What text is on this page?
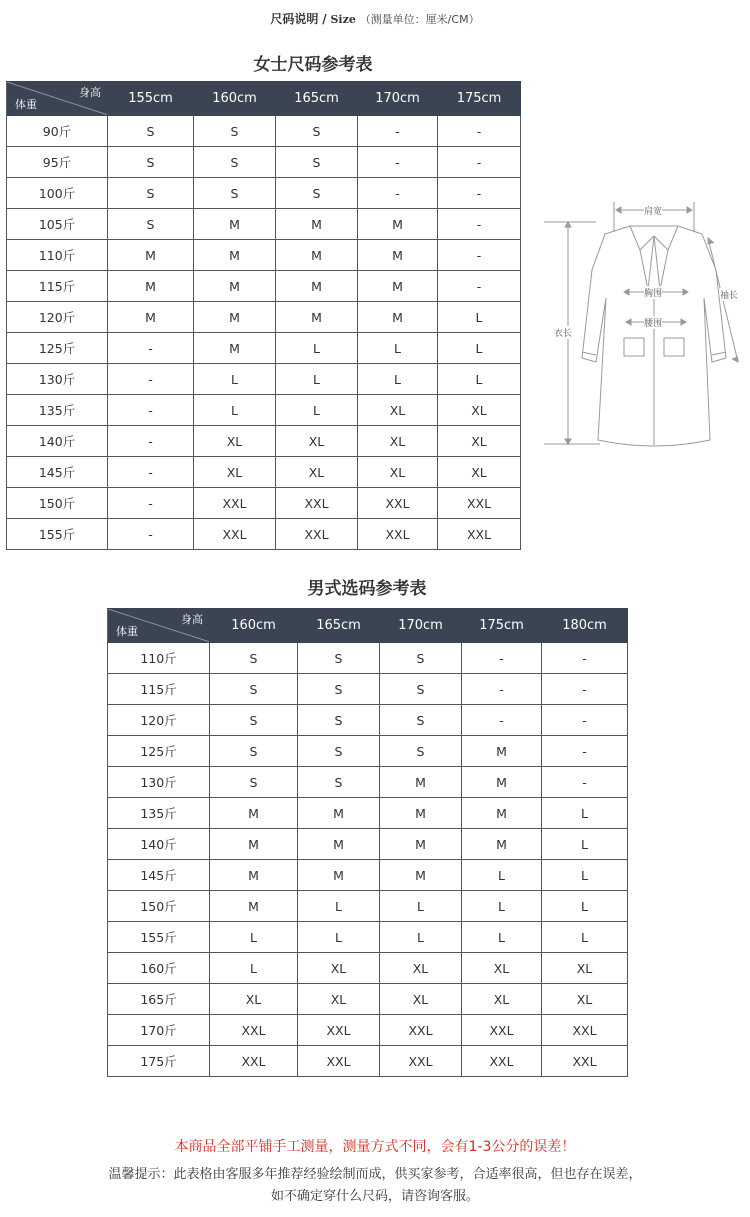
尺码说明 / Size （测量单位：厘米/CM）
女士尺码参考表
身高
体重	155cm	160cm	165cm	170cm	175cm
90斤	S	S	S	-	-
95斤	S	S	S	-	-
100斤	S	S	S	-	-
105斤	S	M	M	M	-
110斤	M	M	M	M	-
115斤	M	M	M	M	-
120斤	M	M	M	M	L
125斤	-	M	L	L	L
130斤	-	L	L	L	L
135斤	-	L	L	XL	XL
140斤	-	XL	XL	XL	XL
145斤	-	XL	XL	XL	XL
150斤	-	XXL	XXL	XXL	XXL
155斤	-	XXL	XXL	XXL	XXL
肩宽
胸围
腰围
衣长
袖长
男式选码参考表
身高
体重	160cm	165cm	170cm	175cm	180cm
110斤	S	S	S	-	-
115斤	S	S	S	-	-
120斤	S	S	S	-	-
125斤	S	S	S	M	-
130斤	S	S	M	M	-
135斤	M	M	M	M	L
140斤	M	M	M	M	L
145斤	M	M	M	L	L
150斤	M	L	L	L	L
155斤	L	L	L	L	L
160斤	L	XL	XL	XL	XL
165斤	XL	XL	XL	XL	XL
170斤	XXL	XXL	XXL	XXL	XXL
175斤	XXL	XXL	XXL	XXL	XXL
本商品全部平铺手工测量，测量方式不同，会有1-3公分的误差！
温馨提示：此表格由客服多年推荐经验绘制而成，供买家参考，合适率很高，但也存在误差，
如不确定穿什么尺码，请咨询客服。
